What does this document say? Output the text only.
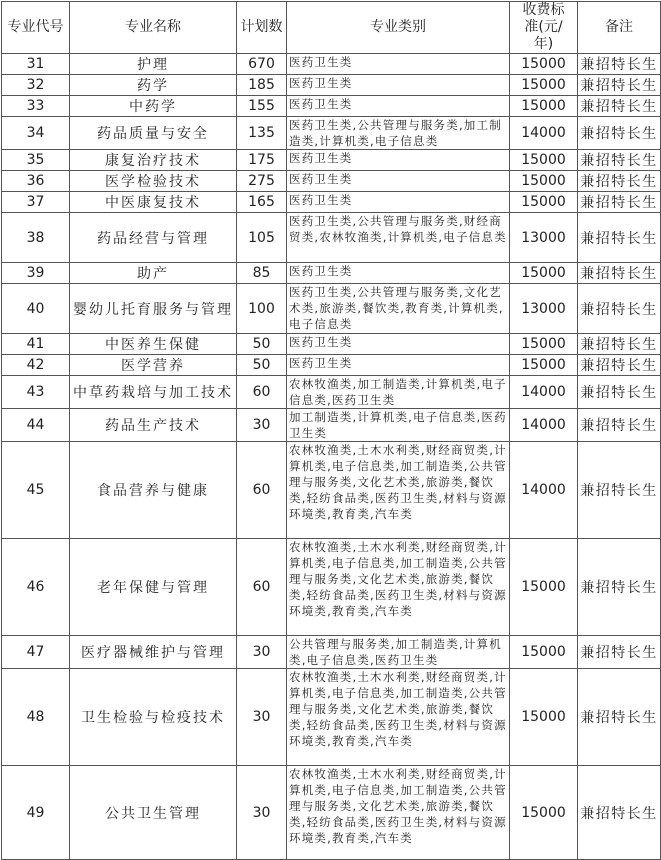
专业代号	专业名称	计划数	专业类别	收费标准(元/年)	备注
31	护理	670	医药卫生类	15000	兼招特长生
32	药学	185	医药卫生类	15000	兼招特长生
33	中药学	155	医药卫生类	15000	兼招特长生
34	药品质量与安全	135	医药卫生类,公共管理与服务类,加工制造类,计算机类,电子信息类	14000	兼招特长生
35	康复治疗技术	175	医药卫生类	15000	兼招特长生
36	医学检验技术	275	医药卫生类	15000	兼招特长生
37	中医康复技术	165	医药卫生类	15000	兼招特长生
38	药品经营与管理	105	医药卫生类,公共管理与服务类,财经商贸类,农林牧渔类,计算机类,电子信息类	13000	兼招特长生
39	助产	85	医药卫生类	15000	兼招特长生
40	婴幼儿托育服务与管理	100	医药卫生类,公共管理与服务类,文化艺术类,旅游类,餐饮类,教育类,计算机类,电子信息类	13000	兼招特长生
41	中医养生保健	50	医药卫生类	15000	兼招特长生
42	医学营养	50	医药卫生类	15000	兼招特长生
43	中草药栽培与加工技术	60	农林牧渔类,加工制造类,计算机类,电子信息类,医药卫生类	14000	兼招特长生
44	药品生产技术	30	加工制造类,计算机类,电子信息类,医药卫生类	14000	兼招特长生
45	食品营养与健康	60	农林牧渔类,土木水利类,财经商贸类,计算机类,电子信息类,加工制造类,公共管理与服务类,文化艺术类,旅游类,餐饮类,轻纺食品类,医药卫生类,材料与资源环境类,教育类,汽车类	14000	兼招特长生
46	老年保健与管理	60	农林牧渔类,土木水利类,财经商贸类,计算机类,电子信息类,加工制造类,公共管理与服务类,文化艺术类,旅游类,餐饮类,轻纺食品类,医药卫生类,材料与资源环境类,教育类,汽车类	15000	兼招特长生
47	医疗器械维护与管理	30	公共管理与服务类,加工制造类,计算机类,电子信息类,医药卫生类	15000	兼招特长生
48	卫生检验与检疫技术	30	农林牧渔类,土木水利类,财经商贸类,计算机类,电子信息类,加工制造类,公共管理与服务类,文化艺术类,旅游类,餐饮类,轻纺食品类,医药卫生类,材料与资源环境类,教育类,汽车类	15000	兼招特长生
49	公共卫生管理	30	农林牧渔类,土木水利类,财经商贸类,计算机类,电子信息类,加工制造类,公共管理与服务类,文化艺术类,旅游类,餐饮类,轻纺食品类,医药卫生类,材料与资源环境类,教育类,汽车类	15000	兼招特长生
